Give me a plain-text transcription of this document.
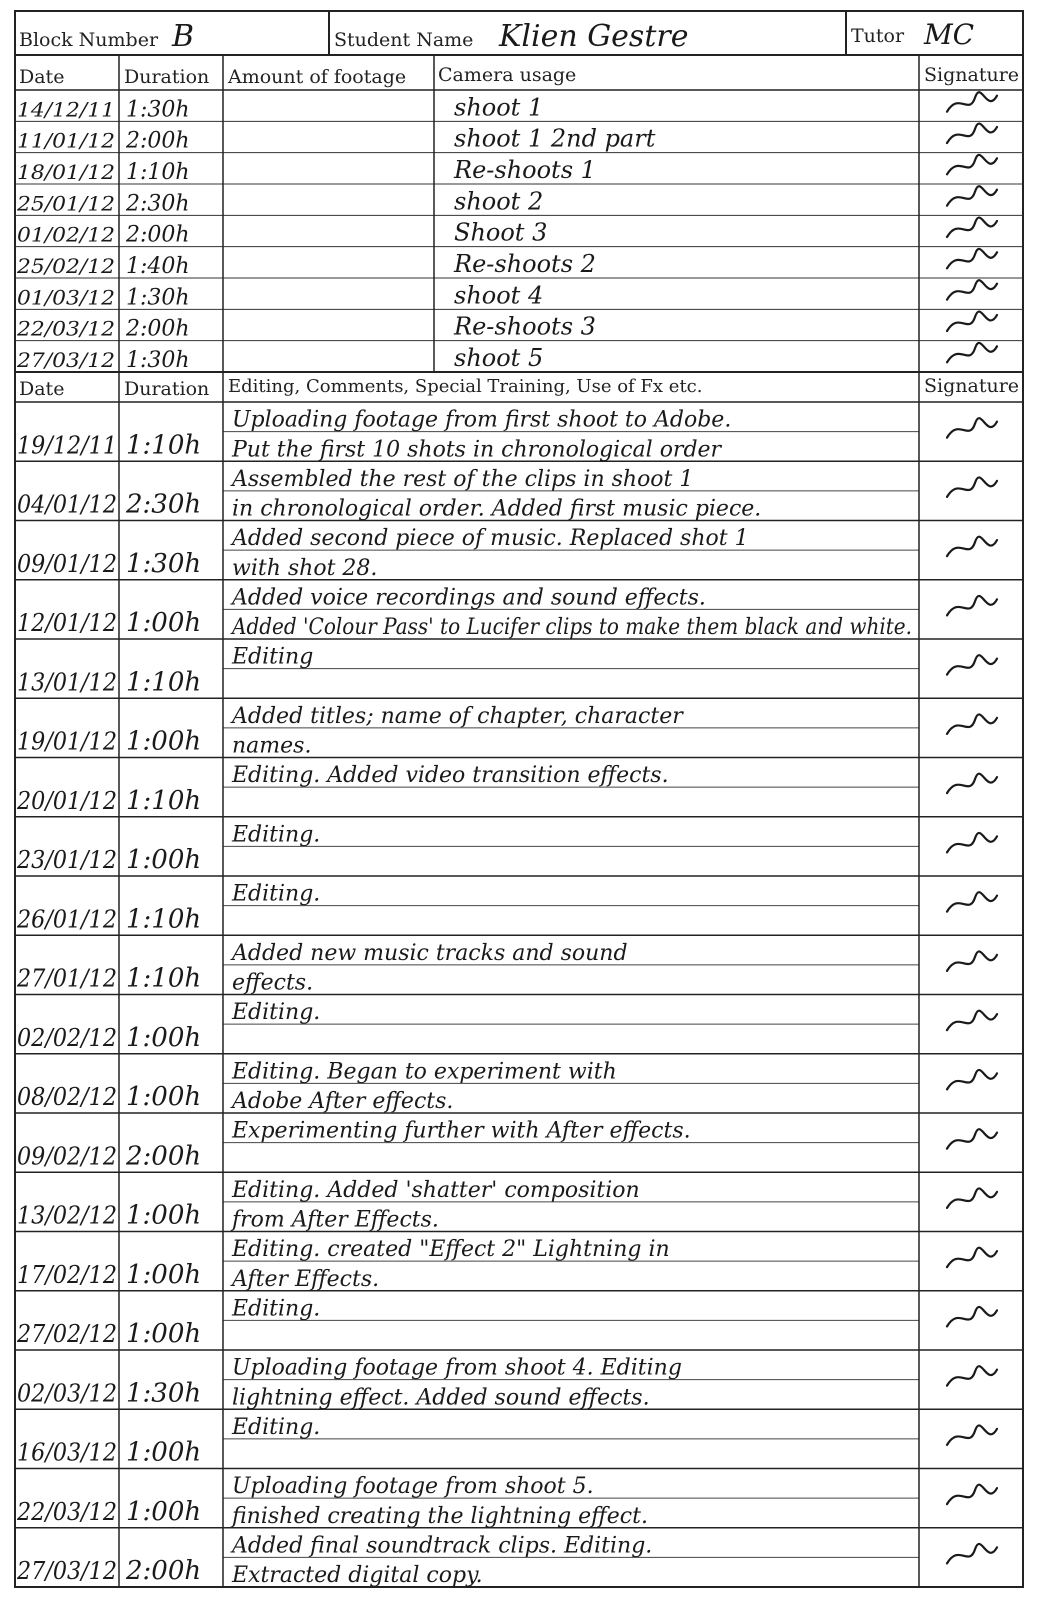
Block Number B	Student Name Klien Gestre	Tutor MC
Date	Duration Amount of footage Camera usage	Signature
14/12/11 1:30h	shoot 1
11/01/12 2:00h	shoot 1 2nd part
18/01/12 1:10h	Re-shoots 1
25/01/12 2:30h	shoot 2
01/02/12 2:00h	Shoot 3
25/02/12 1:40h	Re-shoots 2
01/03/12 1:30h	shoot 4
22/03/12 2:00h	Re-shoots 3
27/03/12 1:30h	shoot 5
Date	Duration Editing, Comments, Special Training, Use of Fx etc.	Signature
19/12/11 1:10h
Uploading footage from first shoot to Adobe.
Put the first 10 shots in chronological order
04/01/12 2:30h
Assembled the rest of the clips in shoot 1
in chronological order. Added first music piece.
09/01/12 1:30h
Added second piece of music. Replaced shot 1
with shot 28.
12/01/12 1:00h
Added voice recordings and sound effects.
Added 'Colour Pass' to Lucifer clips to make them black and white.
13/01/12 1:10h
Editing
19/01/12 1:00h
Added titles; name of chapter, character
names.
20/01/12 1:10h
Editing. Added video transition effects.
23/01/12 1:00h
Editing.
26/01/12 1:10h
Editing.
27/01/12 1:10h
Added new music tracks and sound
effects.
02/02/12 1:00h
Editing.
08/02/12 1:00h
Editing. Began to experiment with
Adobe After effects.
09/02/12 2:00h
Experimenting further with After effects.
13/02/12 1:00h
Editing. Added 'shatter' composition
from After Effects.
17/02/12 1:00h
Editing. created "Effect 2" Lightning in
After Effects.
27/02/12 1:00h
Editing.
02/03/12 1:30h
Uploading footage from shoot 4. Editing
lightning effect. Added sound effects.
16/03/12 1:00h
Editing.
22/03/12 1:00h
Uploading footage from shoot 5.
finished creating the lightning effect.
27/03/12 2:00h
Added final soundtrack clips. Editing.
Extracted digital copy.
